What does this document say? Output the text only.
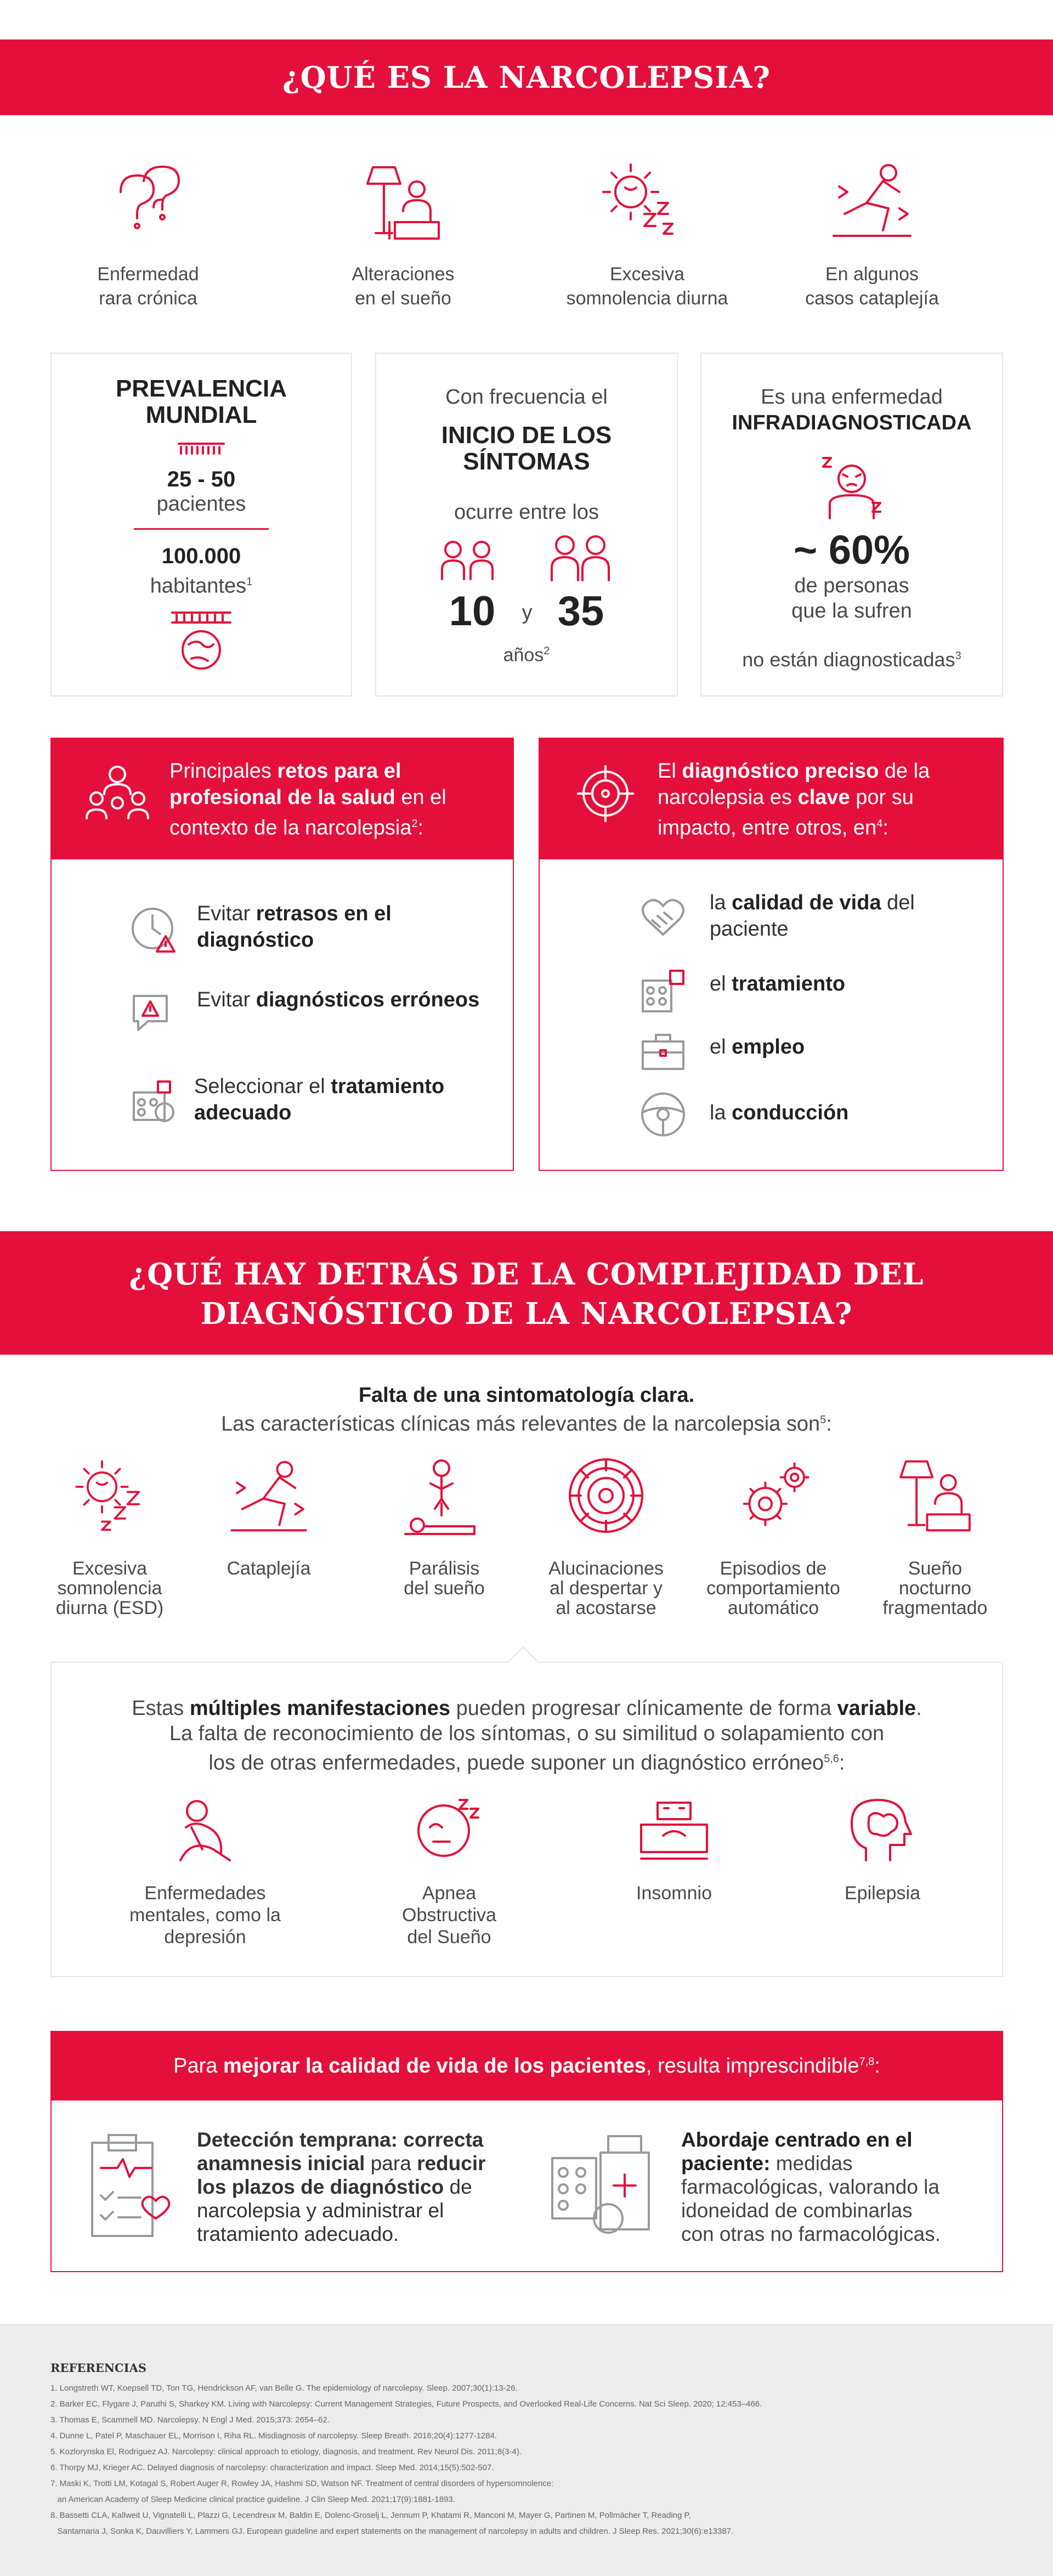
¿QUÉ ES LA NARCOLEPSIA?
Enfermedad
rara crónica
Alteraciones
en el sueño
Excesiva
somnolencia diurna
En algunos
casos cataplejía
PREVALENCIA
MUNDIAL
25 - 50
pacientes
100.000
habitantes$^1$
Con frecuencia el
INICIO DE LOS
SÍNTOMAS
ocurre entre los
10 y 35
años$^2$
Es una enfermedad
INFRADIAGNOSTICADA
~ 60%
de personas
que la sufren
no están diagnosticadas$^3$
Principales retos para el profesional de la salud en el contexto de la narcolepsia$^2$:
Evitar retrasos en el diagnóstico
Evitar diagnósticos erróneos
Seleccionar el tratamiento adecuado
El diagnóstico preciso de la narcolepsia es clave por su impacto, entre otros, $en^4$:
la calidad de vida del paciente
el tratamiento
el empleo
la conducción
¿QUÉ HAY DETRÁS DE LA COMPLEJIDAD DEL
DIAGNÓSTICO DE LA NARCOLEPSIA?
Falta de una sintomatología clara.
Las características clínicas más relevantes de la narcolepsia son$^5$:
Excesiva
somnolencia
diurna (ESD)
Cataplejía	Parálisis
del sueño
Alucinaciones
al despertar y
al acostarse
Episodios de
comportamiento
automático
Sueño
nocturno
fragmentado
Estas múltiples manifestaciones pueden progresar clínicamente de forma variable.
La falta de reconocimiento de los síntomas, o su similitud o solapamiento con
los de otras enfermedades, puede suponer un diagnóstico erróneo$^{5,6}$:
Enfermedades
mentales, como la
depresión
Apnea
Obstructiva
del Sueño
Insomnio	Epilepsia
Para mejorar la calidad de vida de los pacientes, resulta imprescindible$^{7,8}$:
Detección temprana: correcta
anamnesis inicial para reducir
los plazos de diagnóstico de
narcolepsia y administrar el
tratamiento adecuado.
Abordaje centrado en el
paciente: medidas
farmacológicas, valorando la
idoneidad de combinarlas
con otras no farmacológicas.
REFERENCIAS
1. Longstreth WT, Koepsell TD, Ton TG, Hendrickson AF, van Belle G. The epidemiology of narcolepsy. Sleep. 2007;30(1):13-26.
2. Barker EC, Flygare J, Paruthi S, Sharkey KM. Living with Narcolepsy: Current Management Strategies, Future Prospects, and Overlooked Real-Life Concerns. Nat Sci Sleep. 2020; 12:453–466.
3. Thomas E, Scammell MD. Narcolepsy. N Engl J Med. 2015;373: 2654–62.
4. Dunne L, Patel P, Maschauer EL, Morrison I, Riha RL. Misdiagnosis of narcolepsy. Sleep Breath. 2016;20(4):1277-1284.
5. Kozlorynska El, Rodriguez AJ. Narcolepsy: clinical approach to etiology, diagnosis, and treatment. Rev Neurol Dis. 2011;8(3-4).
6. Thorpy MJ, Krieger AC. Delayed diagnosis of narcolepsy: characterization and impact. Sleep Med. 2014;15(5):502-507.
7. Maski K, Trotti LM, Kotagal S, Robert Auger R, Rowley JA, Hashmi SD, Watson NF. Treatment of central disorders of hypersomnolence:
an American Academy of Sleep Medicine clinical practice guideline. J Clin Sleep Med. 2021;17(9):1881-1893.
8. Bassetti CLA, Kallweit U, Vignatelli L, Plazzi G, Lecendreux M, Baldin E, Dolenc-Groselj L, Jennum P, Khatami R, Manconi M, Mayer G, Partinen M, Pollmächer T, Reading P,
Santamaria J, Sonka K, Dauvilliers Y, Lammers GJ. European guideline and expert statements on the management of narcolepsy in adults and children. J Sleep Res. 2021;30(6):e13387.
